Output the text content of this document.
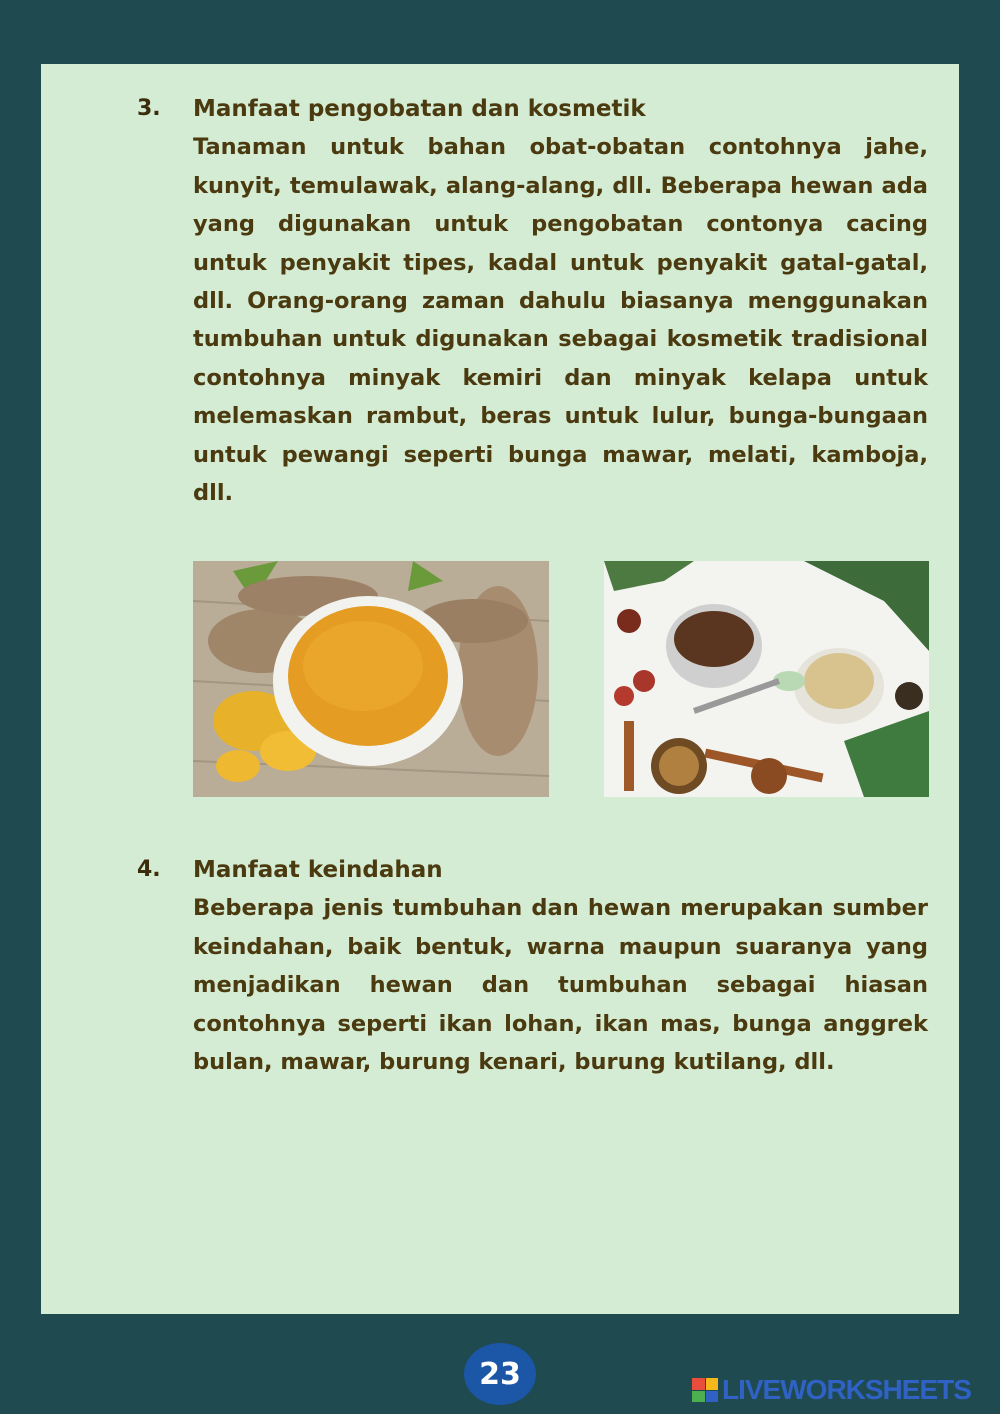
3. Manfaat pengobatan dan kosmetik

Tanaman untuk bahan obat-obatan contohnya jahe, kunyit, temulawak, alang-alang, dll. Beberapa hewan ada yang digunakan untuk pengobatan contonya cacing untuk penyakit tipes, kadal untuk penyakit gatal-gatal, dll. Orang-orang zaman dahulu biasanya menggunakan tumbuhan untuk digunakan sebagai kosmetik tradisional contohnya minyak kemiri dan minyak kelapa untuk melemaskan rambut, beras untuk lulur, bunga-bungaan untuk pewangi seperti bunga mawar, melati, kamboja, dll.

4. Manfaat keindahan

Beberapa jenis tumbuhan dan hewan merupakan sumber keindahan, baik bentuk, warna maupun suaranya yang menjadikan hewan dan tumbuhan sebagai hiasan contohnya seperti ikan lohan, ikan mas, bunga anggrek bulan, mawar, burung kenari, burung kutilang, dll.

23	LIVEWORKSHEETS
